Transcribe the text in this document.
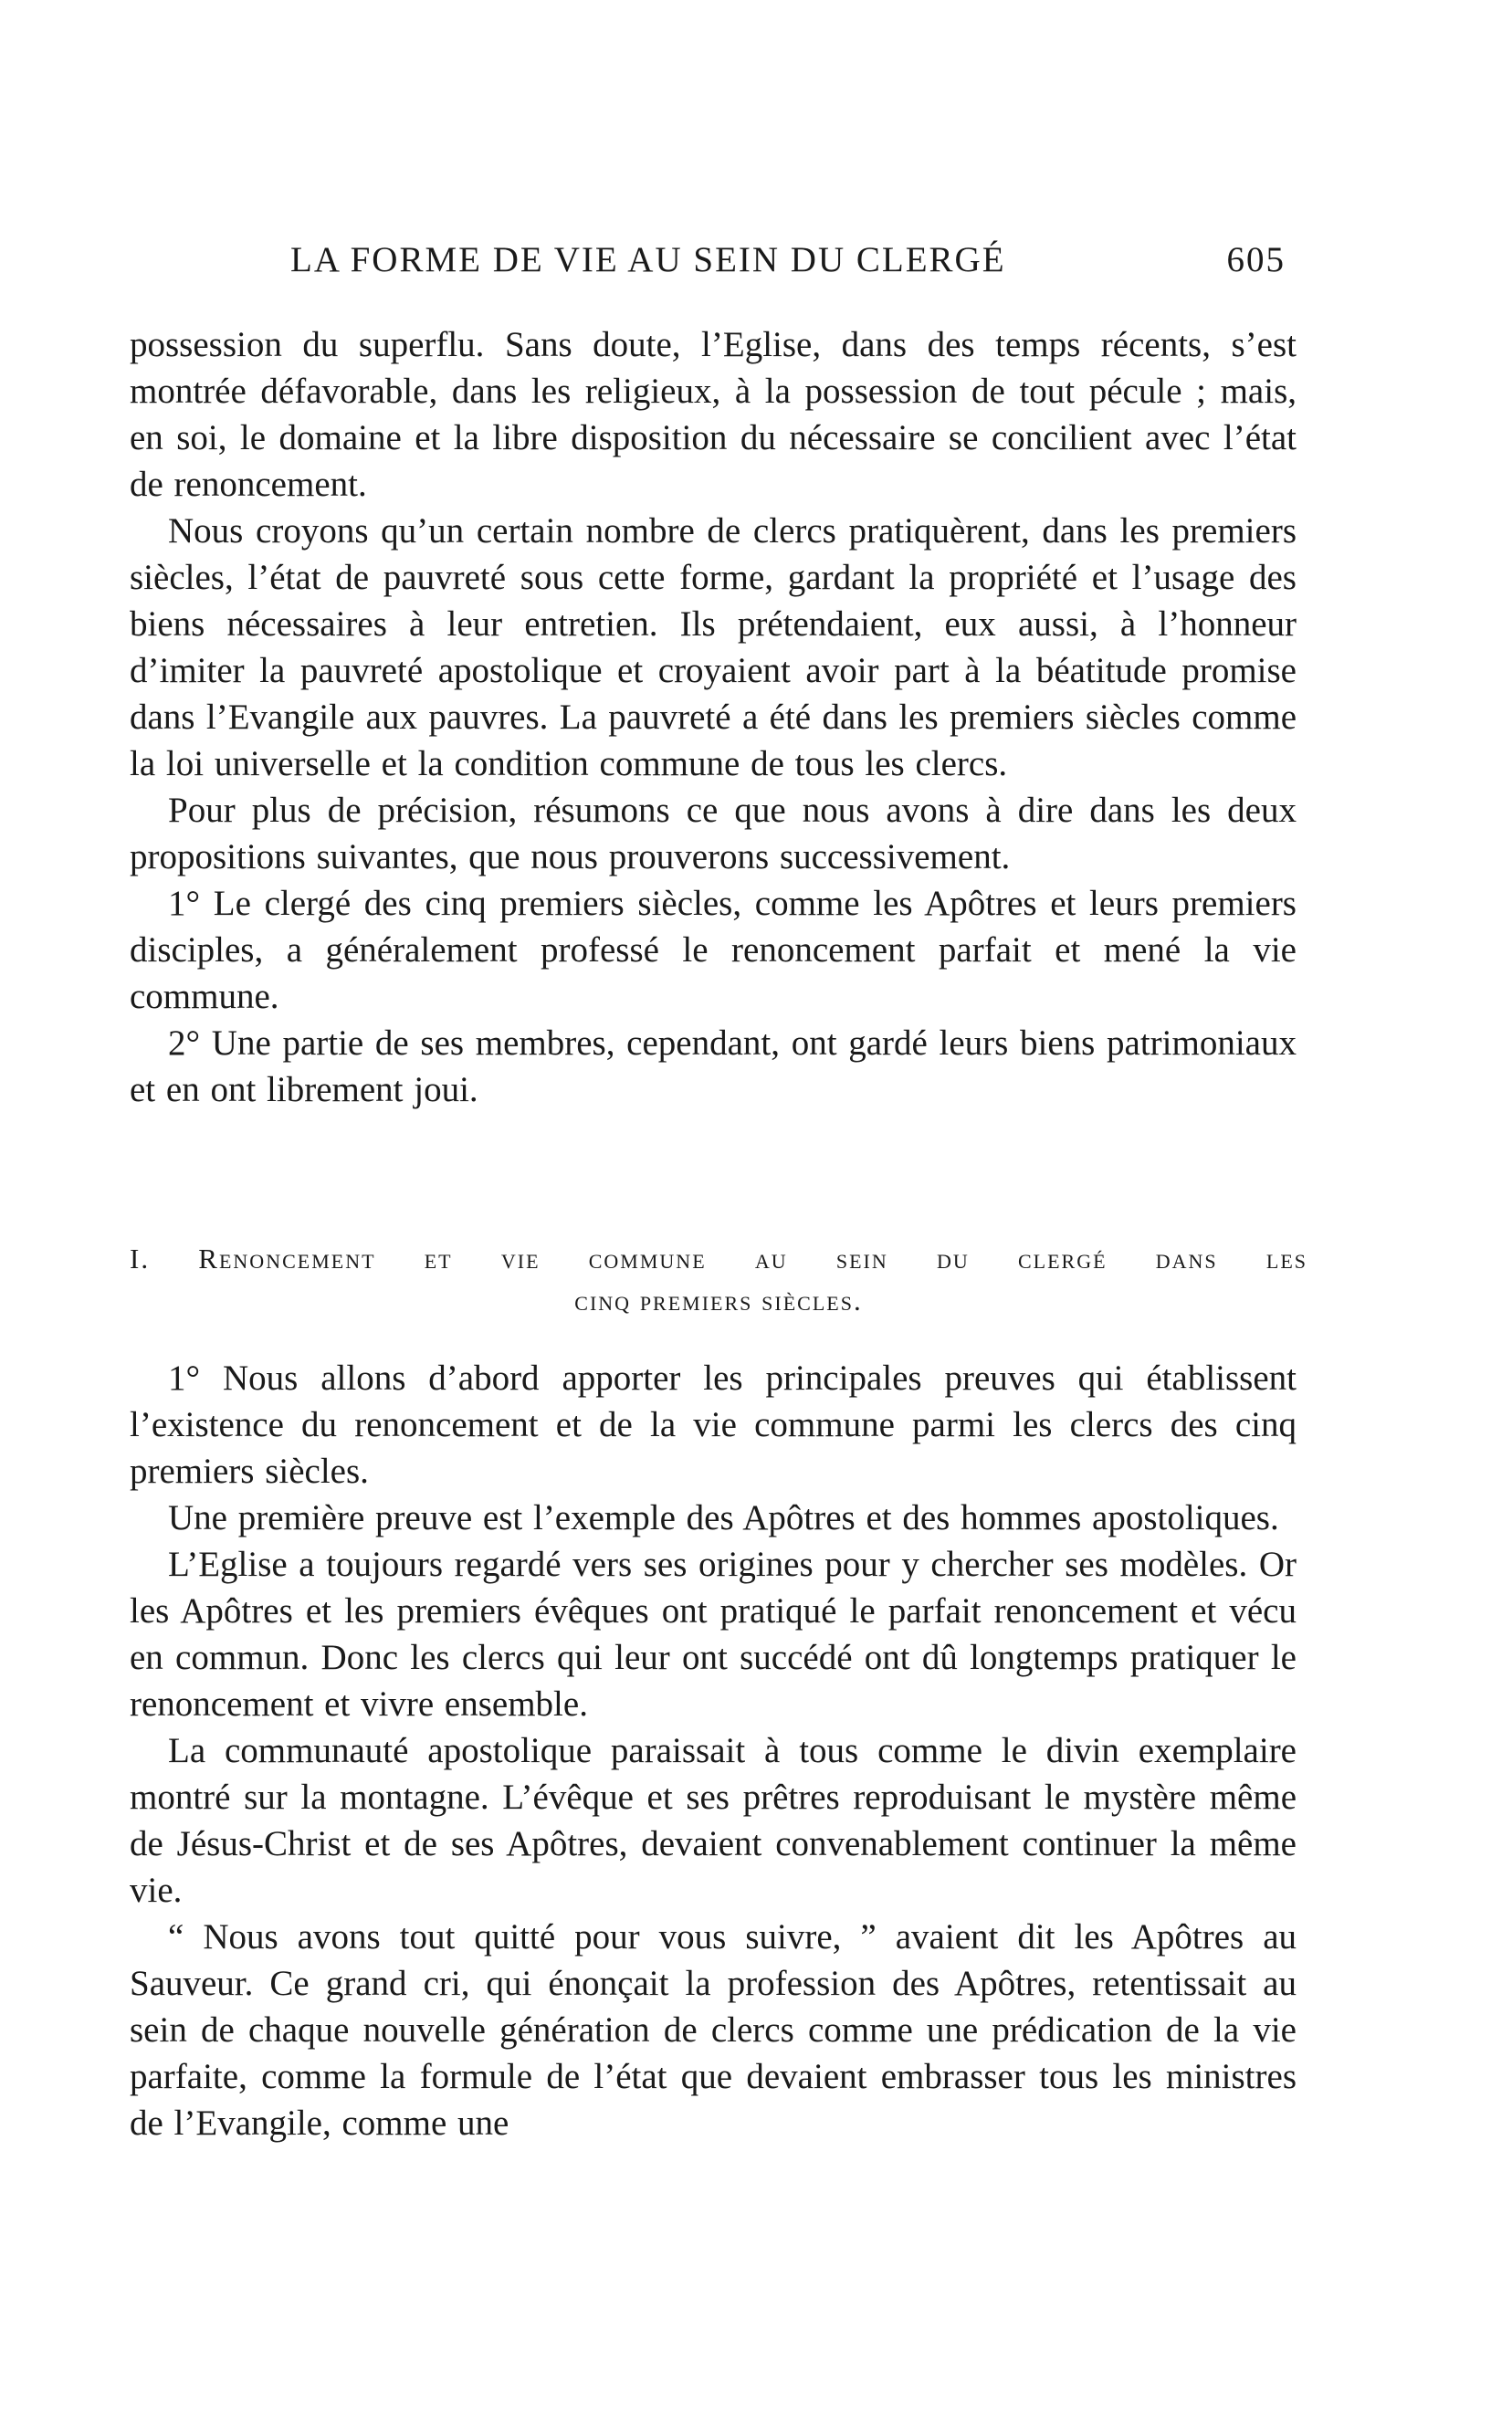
LA FORME DE VIE AU SEIN DU CLERGÉ	605

possession du superflu. Sans doute, l’Eglise, dans des temps récents, s’est montrée défavorable, dans les religieux, à la possession de tout pécule ; mais, en soi, le domaine et la libre disposition du nécessaire se concilient avec l’état de renoncement.

Nous croyons qu’un certain nombre de clercs pratiquèrent, dans les premiers siècles, l’état de pauvreté sous cette forme, gardant la propriété et l’usage des biens nécessaires à leur entretien. Ils prétendaient, eux aussi, à l’honneur d’imiter la pauvreté apostolique et croyaient avoir part à la béatitude promise dans l’Evangile aux pauvres. La pauvreté a été dans les premiers siècles comme la loi universelle et la condition commune de tous les clercs.

Pour plus de précision, résumons ce que nous avons à dire dans les deux propositions suivantes, que nous prouverons successivement.

1° Le clergé des cinq premiers siècles, comme les Apôtres et leurs premiers disciples, a généralement professé le renoncement parfait et mené la vie commune.

2° Une partie de ses membres, cependant, ont gardé leurs biens patrimoniaux et en ont librement joui.

I. Renoncement et vie commune au sein du clergé dans les
cinq premiers siècles.

1° Nous allons d’abord apporter les principales preuves qui établissent l’existence du renoncement et de la vie commune parmi les clercs des cinq premiers siècles.

Une première preuve est l’exemple des Apôtres et des hommes apostoliques.

L’Eglise a toujours regardé vers ses origines pour y chercher ses modèles. Or les Apôtres et les premiers évêques ont pratiqué le parfait renoncement et vécu en commun. Donc les clercs qui leur ont succédé ont dû longtemps pratiquer le renoncement et vivre ensemble.

La communauté apostolique paraissait à tous comme le divin exemplaire montré sur la montagne. L’évêque et ses prêtres reproduisant le mystère même de Jésus-Christ et de ses Apôtres, devaient convenablement continuer la même vie.

“ Nous avons tout quitté pour vous suivre, ” avaient dit les Apôtres au Sauveur. Ce grand cri, qui énonçait la profession des Apôtres, retentissait au sein de chaque nouvelle génération de clercs comme une prédication de la vie parfaite, comme la formule de l’état que devaient embrasser tous les ministres de l’Evangile, comme une
